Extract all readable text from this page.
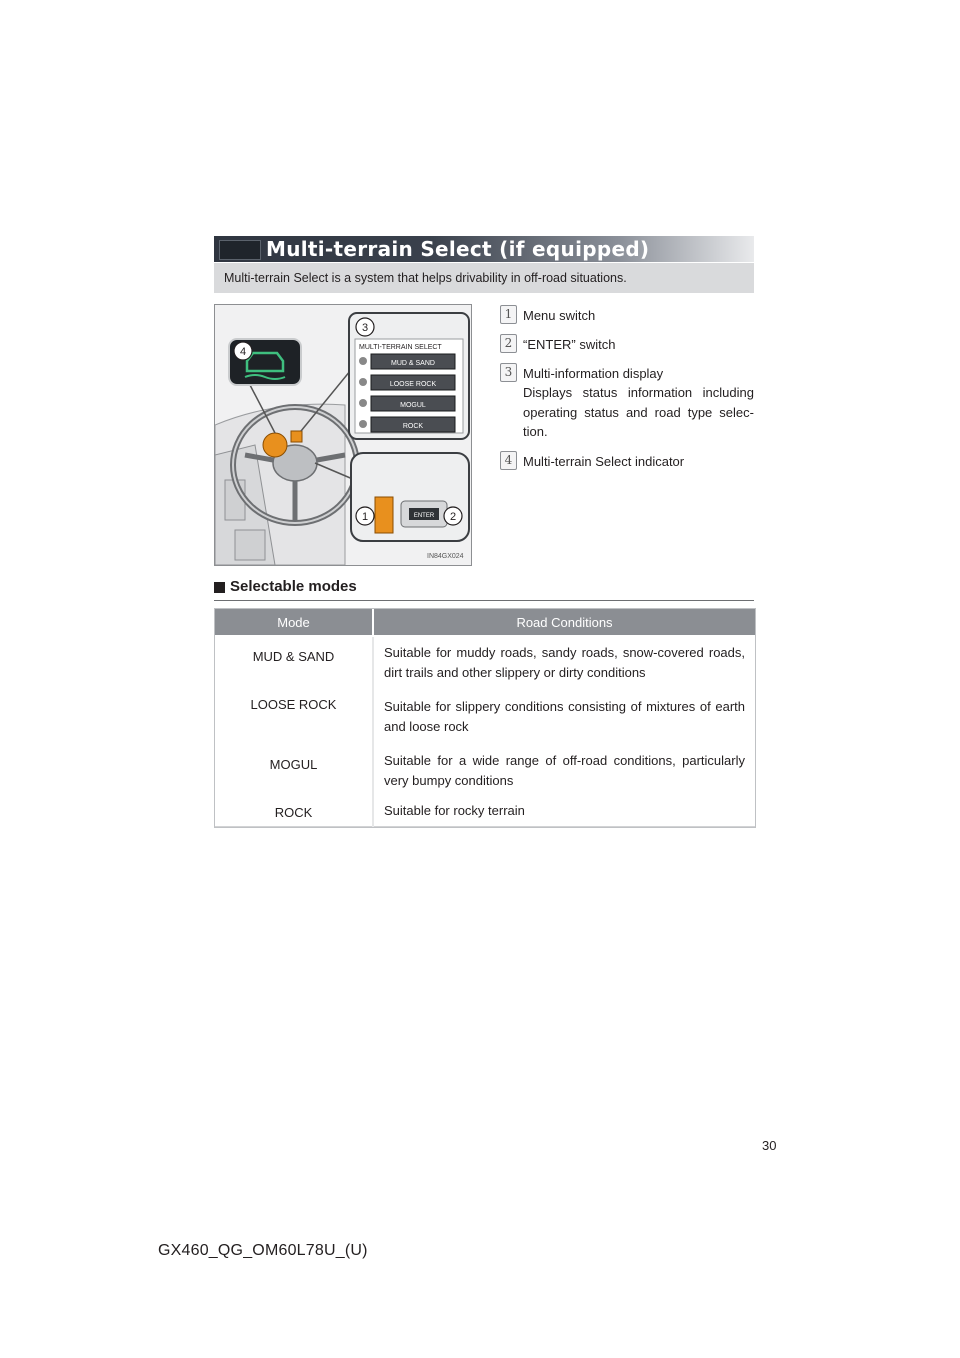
Multi-terrain Select (if equipped)
Multi-terrain Select is a system that helps drivability in off-road situations.
MULTI-TERRAIN SELECT
MUD & SAND
LOOSE ROCK
MOGUL
ROCK
ENTER
3
4
1	2
IN84GX024
1 Menu switch
2 “ENTER” switch
3 Multi-information display
Displays status information including operating status and road type selec-tion.
4 Multi-terrain Select indicator
Selectable modes
Mode	Road Conditions
MUD & SAND	Suitable for muddy roads, sandy roads, snow-covered roads, dirt trails and other slippery or dirty conditions
LOOSE ROCK	Suitable for slippery conditions consisting of mixtures of earth and loose rock
MOGUL	Suitable for a wide range of off-road conditions, particularly very bumpy conditions
ROCK	Suitable for rocky terrain
30
GX460_QG_OM60L78U_(U)
